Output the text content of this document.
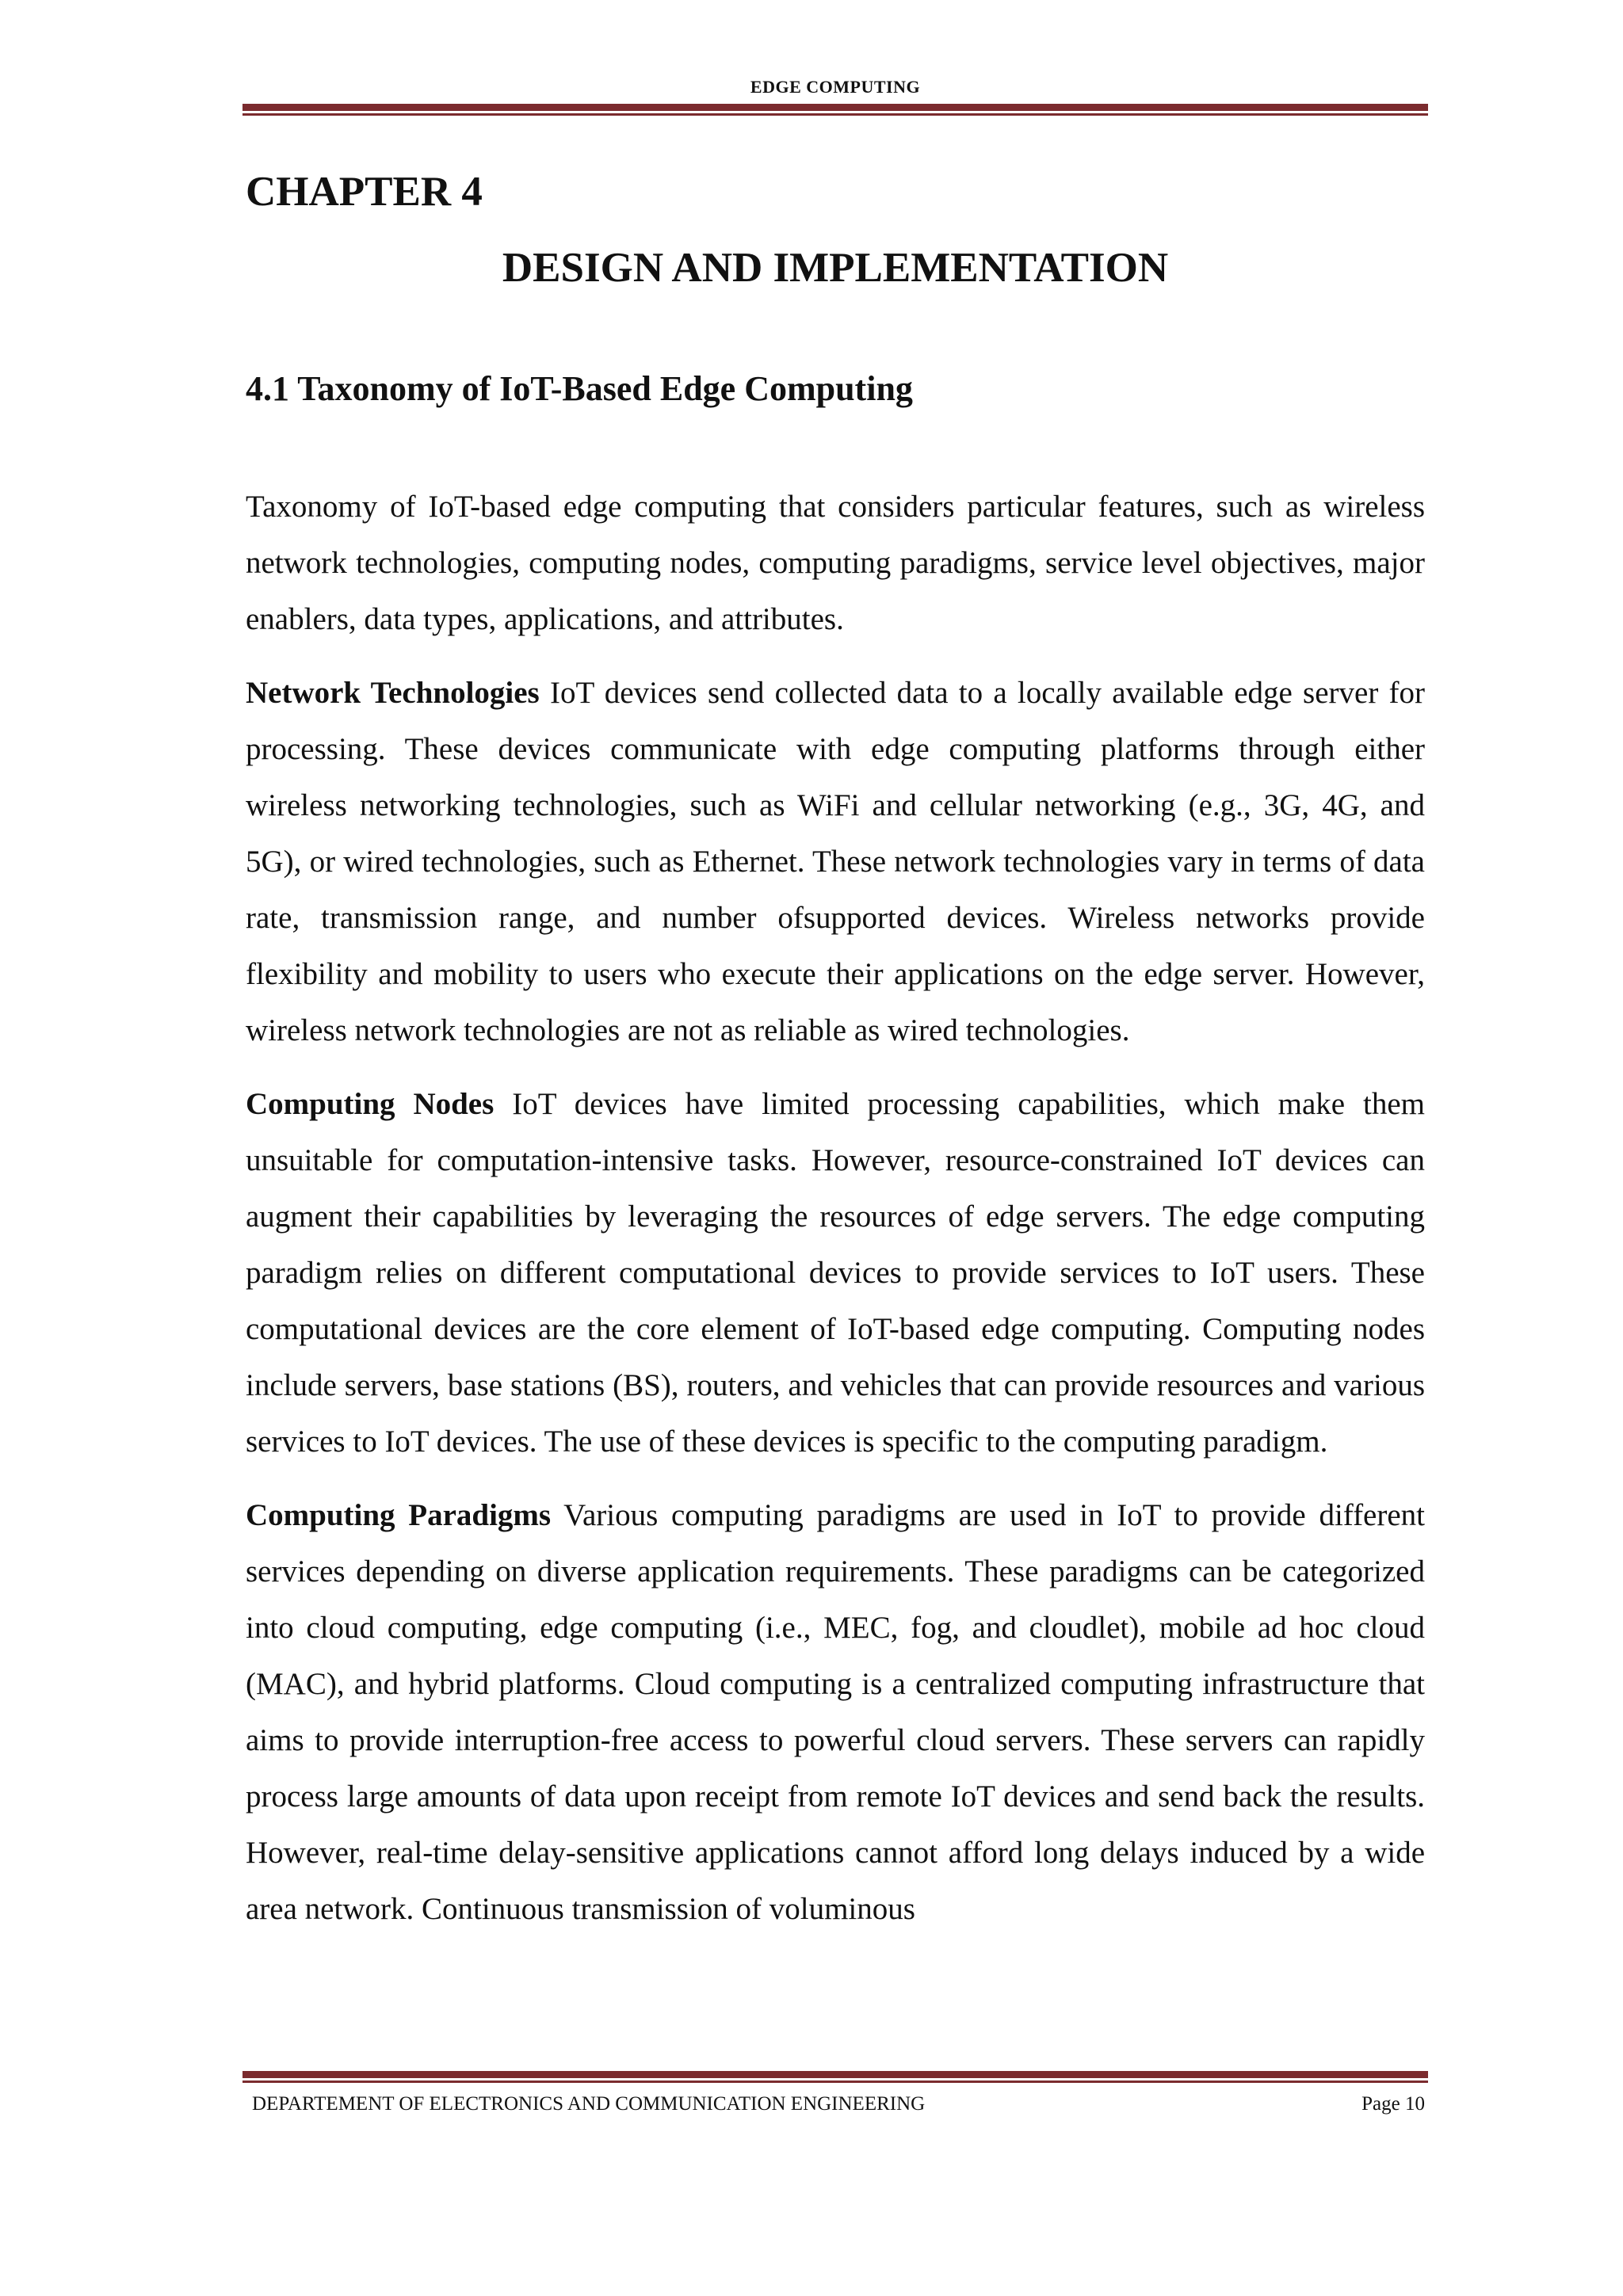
EDGE COMPUTING
CHAPTER 4
DESIGN AND IMPLEMENTATION
4.1 Taxonomy of IoT-Based Edge Computing

Taxonomy of IoT-based edge computing that considers particular features, such as wireless network technologies, computing nodes, computing paradigms, service level objectives, major enablers, data types, applications, and attributes.

Network Technologies IoT devices send collected data to a locally available edge server for processing. These devices communicate with edge computing platforms through either wireless networking technologies, such as WiFi and cellular networking (e.g., 3G, 4G, and 5G), or wired technologies, such as Ethernet. These network technologies vary in terms of data rate, transmission range, and number ofsupported devices. Wireless networks provide flexibility and mobility to users who execute their applications on the edge server. However, wireless network technologies are not as reliable as wired technologies.

Computing Nodes IoT devices have limited processing capabilities, which make them unsuitable for computation-intensive tasks. However, resource-constrained IoT devices can augment their capabilities by leveraging the resources of edge servers. The edge computing paradigm relies on different computational devices to provide services to IoT users. These computational devices are the core element of IoT-based edge computing. Computing nodes include servers, base stations (BS), routers, and vehicles that can provide resources and various services to IoT devices. The use of these devices is specific to the computing paradigm.

Computing Paradigms Various computing paradigms are used in IoT to provide different services depending on diverse application requirements. These paradigms can be categorized into cloud computing, edge computing (i.e., MEC, fog, and cloudlet), mobile ad hoc cloud (MAC), and hybrid platforms. Cloud computing is a centralized computing infrastructure that aims to provide interruption-free access to powerful cloud servers. These servers can rapidly process large amounts of data upon receipt from remote IoT devices and send back the results. However, real-time delay-sensitive applications cannot afford long delays induced by a wide area network. Continuous transmission of voluminous

DEPARTEMENT OF ELECTRONICS AND COMMUNICATION ENGINEERING	Page 10
